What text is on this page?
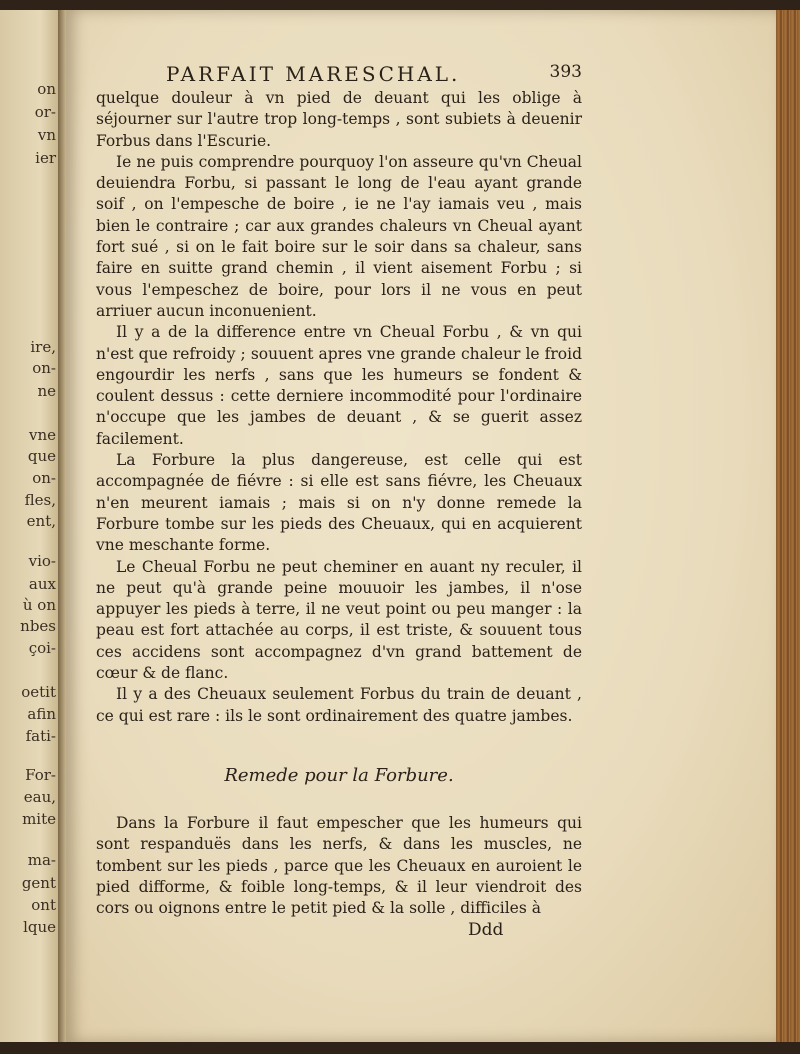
on
or-
vn
ier
ire,
on-
ne
vne
que
on-
fles,
ent,
vio-
aux
ù on
nbes
çoi-
oetit
afin
fati-
For-
eau,
mite
ma-
gent
ont
lque
PARFAIT MARESCHAL.	393

quelque douleur à vn pied de deuant qui les oblige à séjourner sur l'autre trop long-temps , sont subiets à deuenir Forbus dans l'Escurie.

Ie ne puis comprendre pourquoy l'on asseure qu'vn Cheual deuiendra Forbu, si passant le long de l'eau ayant grande soif , on l'empesche de boire , ie ne l'ay iamais veu , mais bien le contraire ; car aux grandes chaleurs vn Cheual ayant fort sué , si on le fait boire sur le soir dans sa chaleur, sans faire en suitte grand chemin , il vient aisement Forbu ; si vous l'empeschez de boire, pour lors il ne vous en peut arriuer aucun inconuenient.

Il y a de la difference entre vn Cheual Forbu , & vn qui n'est que refroidy ; souuent apres vne grande chaleur le froid engourdir les nerfs , sans que les humeurs se fondent & coulent dessus : cette derniere incommodité pour l'ordinaire n'occupe que les jambes de deuant , & se guerit assez facilement.

La Forbure la plus dangereuse, est celle qui est accompagnée de fiévre : si elle est sans fiévre, les Cheuaux n'en meurent iamais ; mais si on n'y donne remede la Forbure tombe sur les pieds des Cheuaux, qui en acquierent vne meschante forme.

Le Cheual Forbu ne peut cheminer en auant ny reculer, il ne peut qu'à grande peine mouuoir les jambes, il n'ose appuyer les pieds à terre, il ne veut point ou peu manger : la peau est fort attachée au corps, il est triste, & souuent tous ces accidens sont accompagnez d'vn grand battement de cœur & de flanc.

Il y a des Cheuaux seulement Forbus du train de deuant , ce qui est rare : ils le sont ordinairement des quatre jambes.

Remede pour la Forbure.

Dans la Forbure il faut empescher que les humeurs qui sont respanduës dans les nerfs, & dans les muscles, ne tombent sur les pieds , parce que les Cheuaux en auroient le pied difforme, & foible long-temps, & il leur viendroit des cors ou oignons entre le petit pied & la solle , difficiles à

Ddd
